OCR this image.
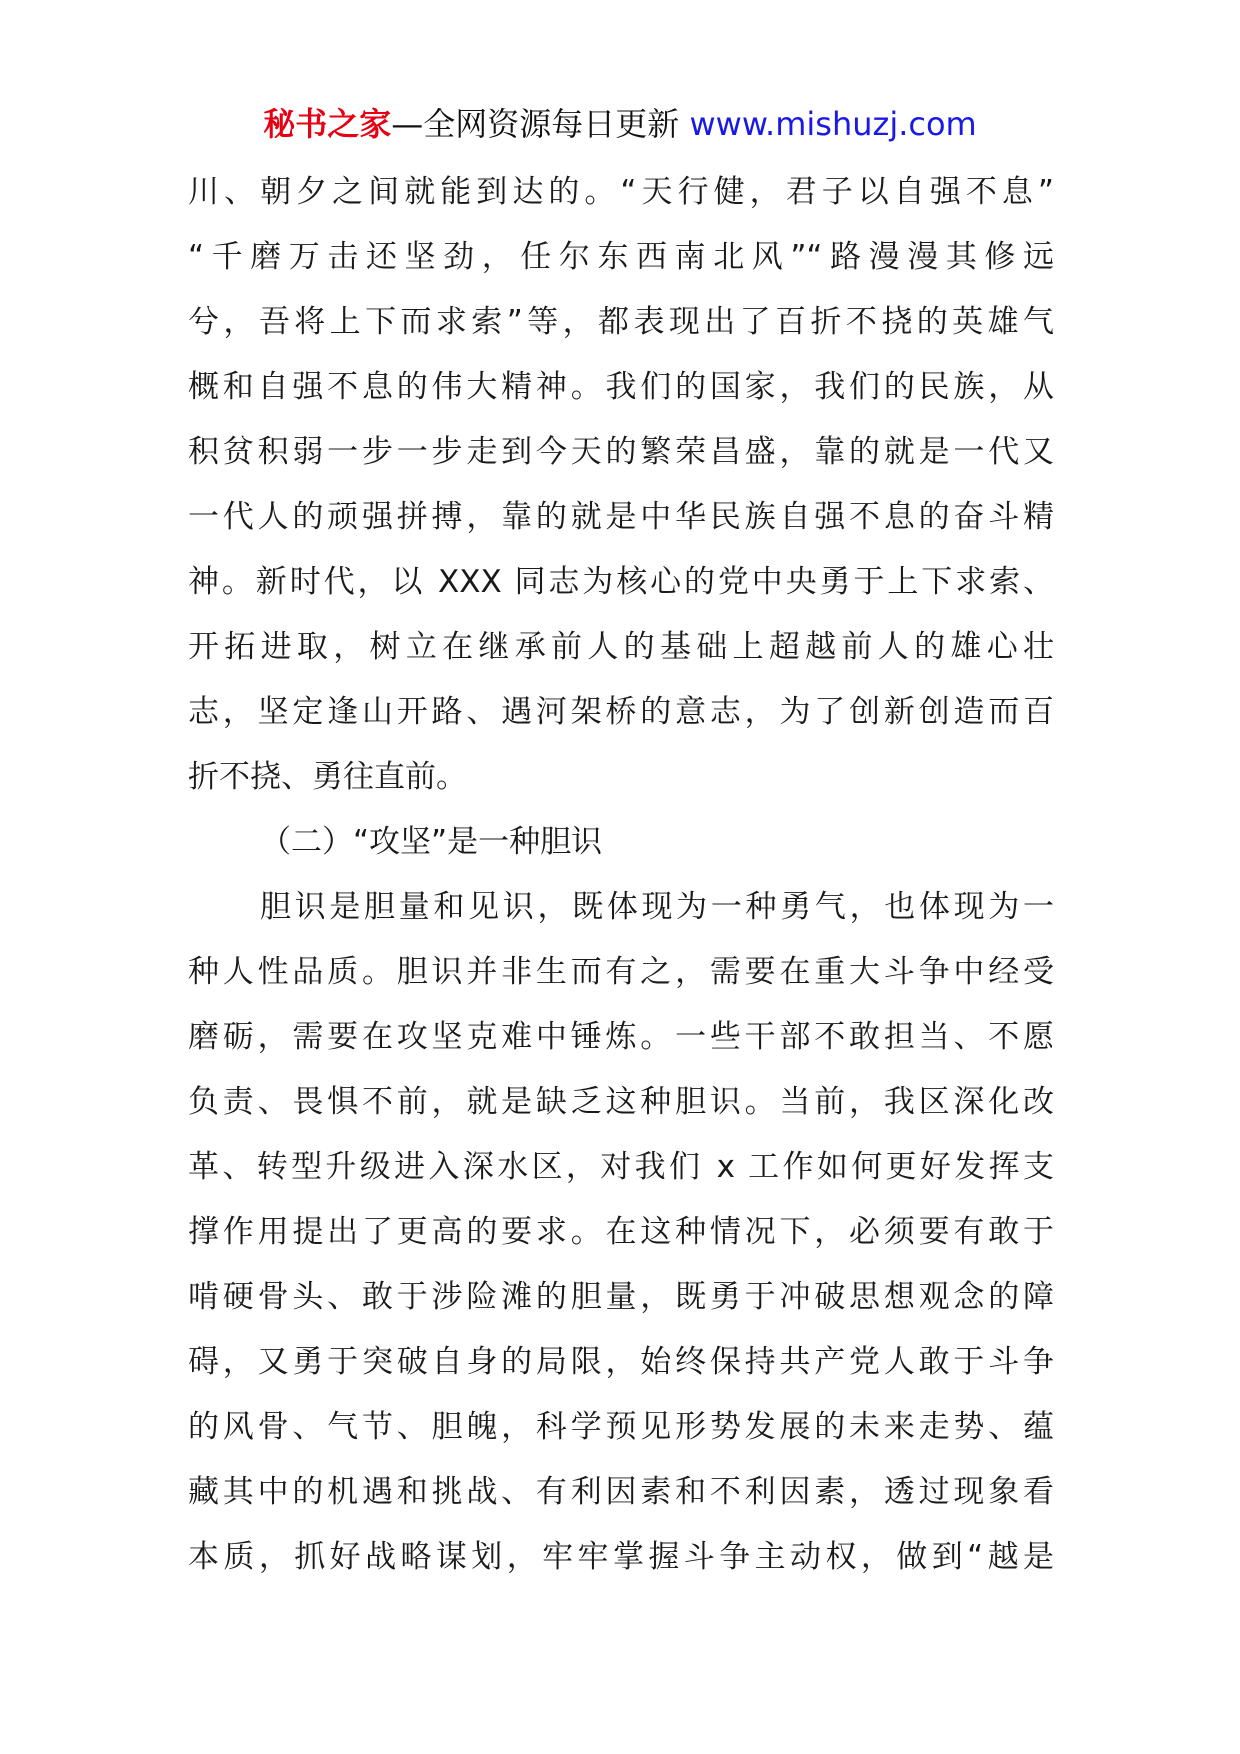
秘书之家—全网资源每日更新 www.mishuzj.com
川、朝夕之间就能到达的。“天行健，君子以自强不息”
“千磨万击还坚劲，任尔东西南北风”“路漫漫其修远
兮，吾将上下而求索”等，都表现出了百折不挠的英雄气
概和自强不息的伟大精神。我们的国家，我们的民族，从
积贫积弱一步一步走到今天的繁荣昌盛，靠的就是一代又
一代人的顽强拼搏，靠的就是中华民族自强不息的奋斗精
神。新时代，以 XXX 同志为核心的党中央勇于上下求索、
开拓进取，树立在继承前人的基础上超越前人的雄心壮
志，坚定逢山开路、遇河架桥的意志，为了创新创造而百
折不挠、勇往直前。
（二）“攻坚”是一种胆识
胆识是胆量和见识，既体现为一种勇气，也体现为一
种人性品质。胆识并非生而有之，需要在重大斗争中经受
磨砺，需要在攻坚克难中锤炼。一些干部不敢担当、不愿
负责、畏惧不前，就是缺乏这种胆识。当前，我区深化改
革、转型升级进入深水区，对我们 x 工作如何更好发挥支
撑作用提出了更高的要求。在这种情况下，必须要有敢于
啃硬骨头、敢于涉险滩的胆量，既勇于冲破思想观念的障
碍，又勇于突破自身的局限，始终保持共产党人敢于斗争
的风骨、气节、胆魄，科学预见形势发展的未来走势、蕴
藏其中的机遇和挑战、有利因素和不利因素，透过现象看
本质，抓好战略谋划，牢牢掌握斗争主动权，做到“越是
